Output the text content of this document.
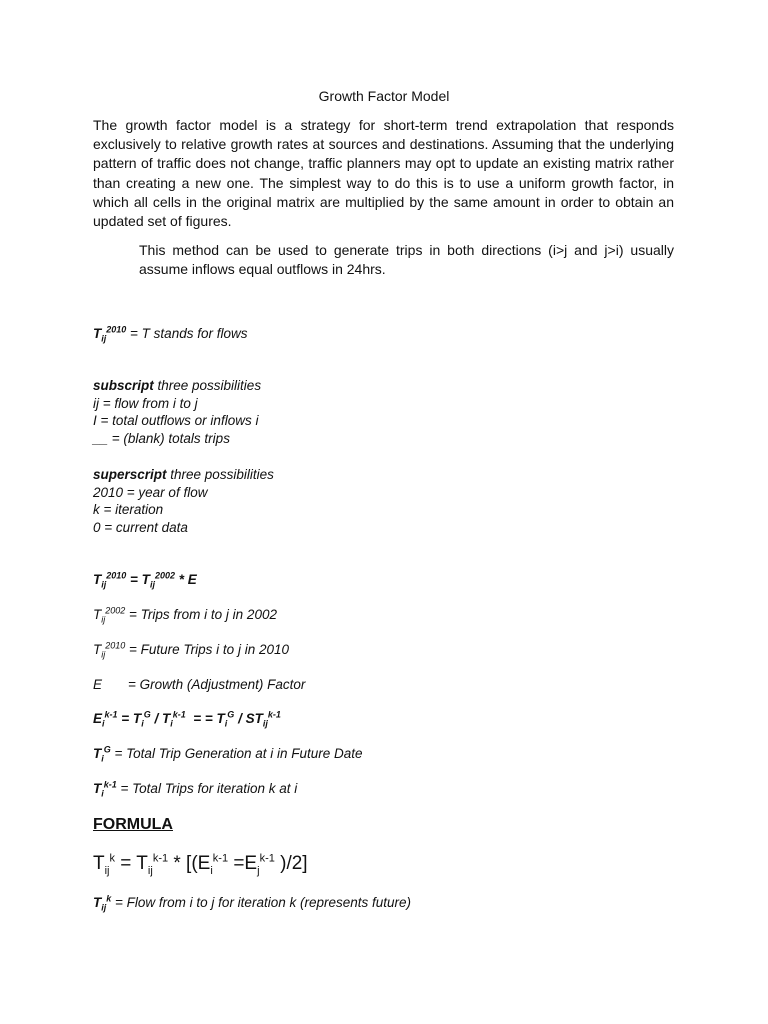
Growth Factor Model

The growth factor model is a strategy for short-term trend extrapolation that responds exclusively to relative growth rates at sources and destinations. Assuming that the underlying pattern of traffic does not change, traffic planners may opt to update an existing matrix rather than creating a new one. The simplest way to do this is to use a uniform growth factor, in which all cells in the original matrix are multiplied by the same amount in order to obtain an updated set of figures.

This method can be used to generate trips in both directions (i>j and j>i) usually assume inflows equal outflows in 24hrs.

$T_{ij}^{2010} = T$ stands for flows

subscript three possibilities

ij = flow from i to j

I = total outflows or inflows i

__ = (blank) totals trips

superscript three possibilities

2010 = year of flow

k = iteration

0 = current data

$T_{ij}^{2010} = T_{ij}^{2002} * E$

$T_{ij}^{2002}$ = Trips from i to j in 2002

$T_{ij}^{2010}$ = Future Trips i to j in 2010

E = Growth (Adjustment) Factor

$E_i^{k-1} = T_i^G / T_i^{k-1}$  = = $T_i^G / ST_{ij}^{k-1}$

$T_i^G$ = Total Trip Generation at i in Future Date

$T_i^{k-1}$ = Total Trips for iteration k at i

FORMULA

$T_{ij}^k = T_{ij}^{k-1} * [(E_i^{k-1} =E_j^{k-1}$ )/2]

$T_{ij}^k$ = Flow from i to j for iteration k (represents future)
